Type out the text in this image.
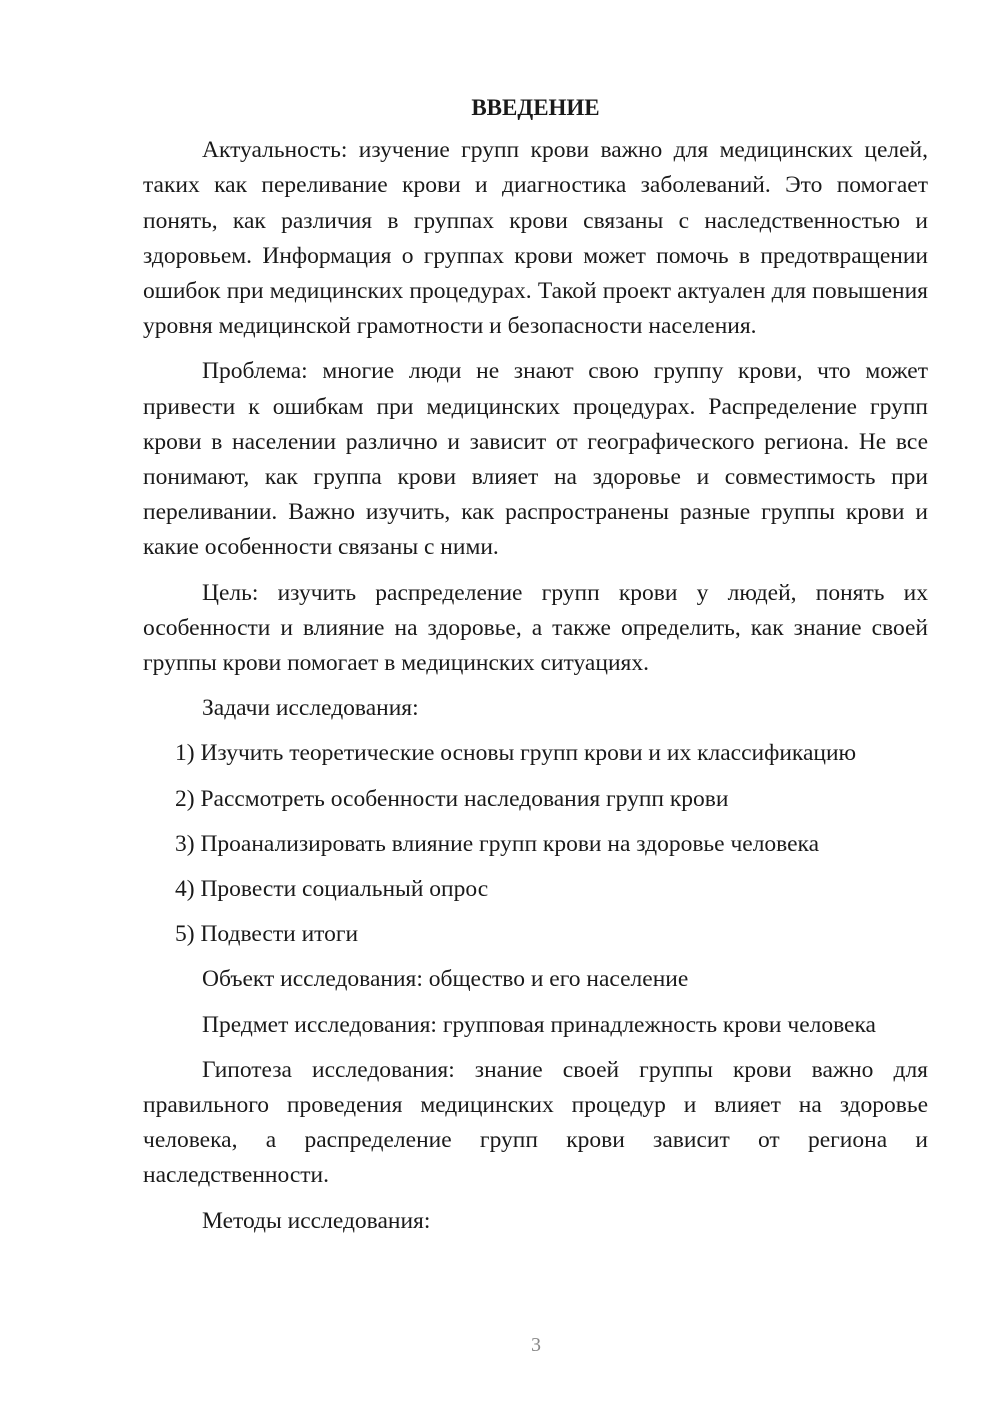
ВВЕДЕНИЕ

Актуальность: изучение групп крови важно для медицинских целей, таких как переливание крови и диагностика заболеваний. Это помогает понять, как различия в группах крови связаны с наследственностью и здоровьем. Информация о группах крови может помочь в предотвращении ошибок при медицинских процедурах. Такой проект актуален для повышения уровня медицинской грамотности и безопасности населения.

Проблема: многие люди не знают свою группу крови, что может привести к ошибкам при медицинских процедурах. Распределение групп крови в населении различно и зависит от географического региона. Не все понимают, как группа крови влияет на здоровье и совместимость при переливании. Важно изучить, как распространены разные группы крови и какие особенности связаны с ними.

Цель: изучить распределение групп крови у людей, понять их особенности и влияние на здоровье, а также определить, как знание своей группы крови помогает в медицинских ситуациях.

Задачи исследования:

1) Изучить теоретические основы групп крови и их классификацию
2) Рассмотреть особенности наследования групп крови
3) Проанализировать влияние групп крови на здоровье человека
4) Провести социальный опрос
5) Подвести итоги

Объект исследования: общество и его население

Предмет исследования: групповая принадлежность крови человека

Гипотеза исследования: знание своей группы крови важно для правильного проведения медицинских процедур и влияет на здоровье человека, а распределение групп крови зависит от региона и наследственности.

Методы исследования:

3
